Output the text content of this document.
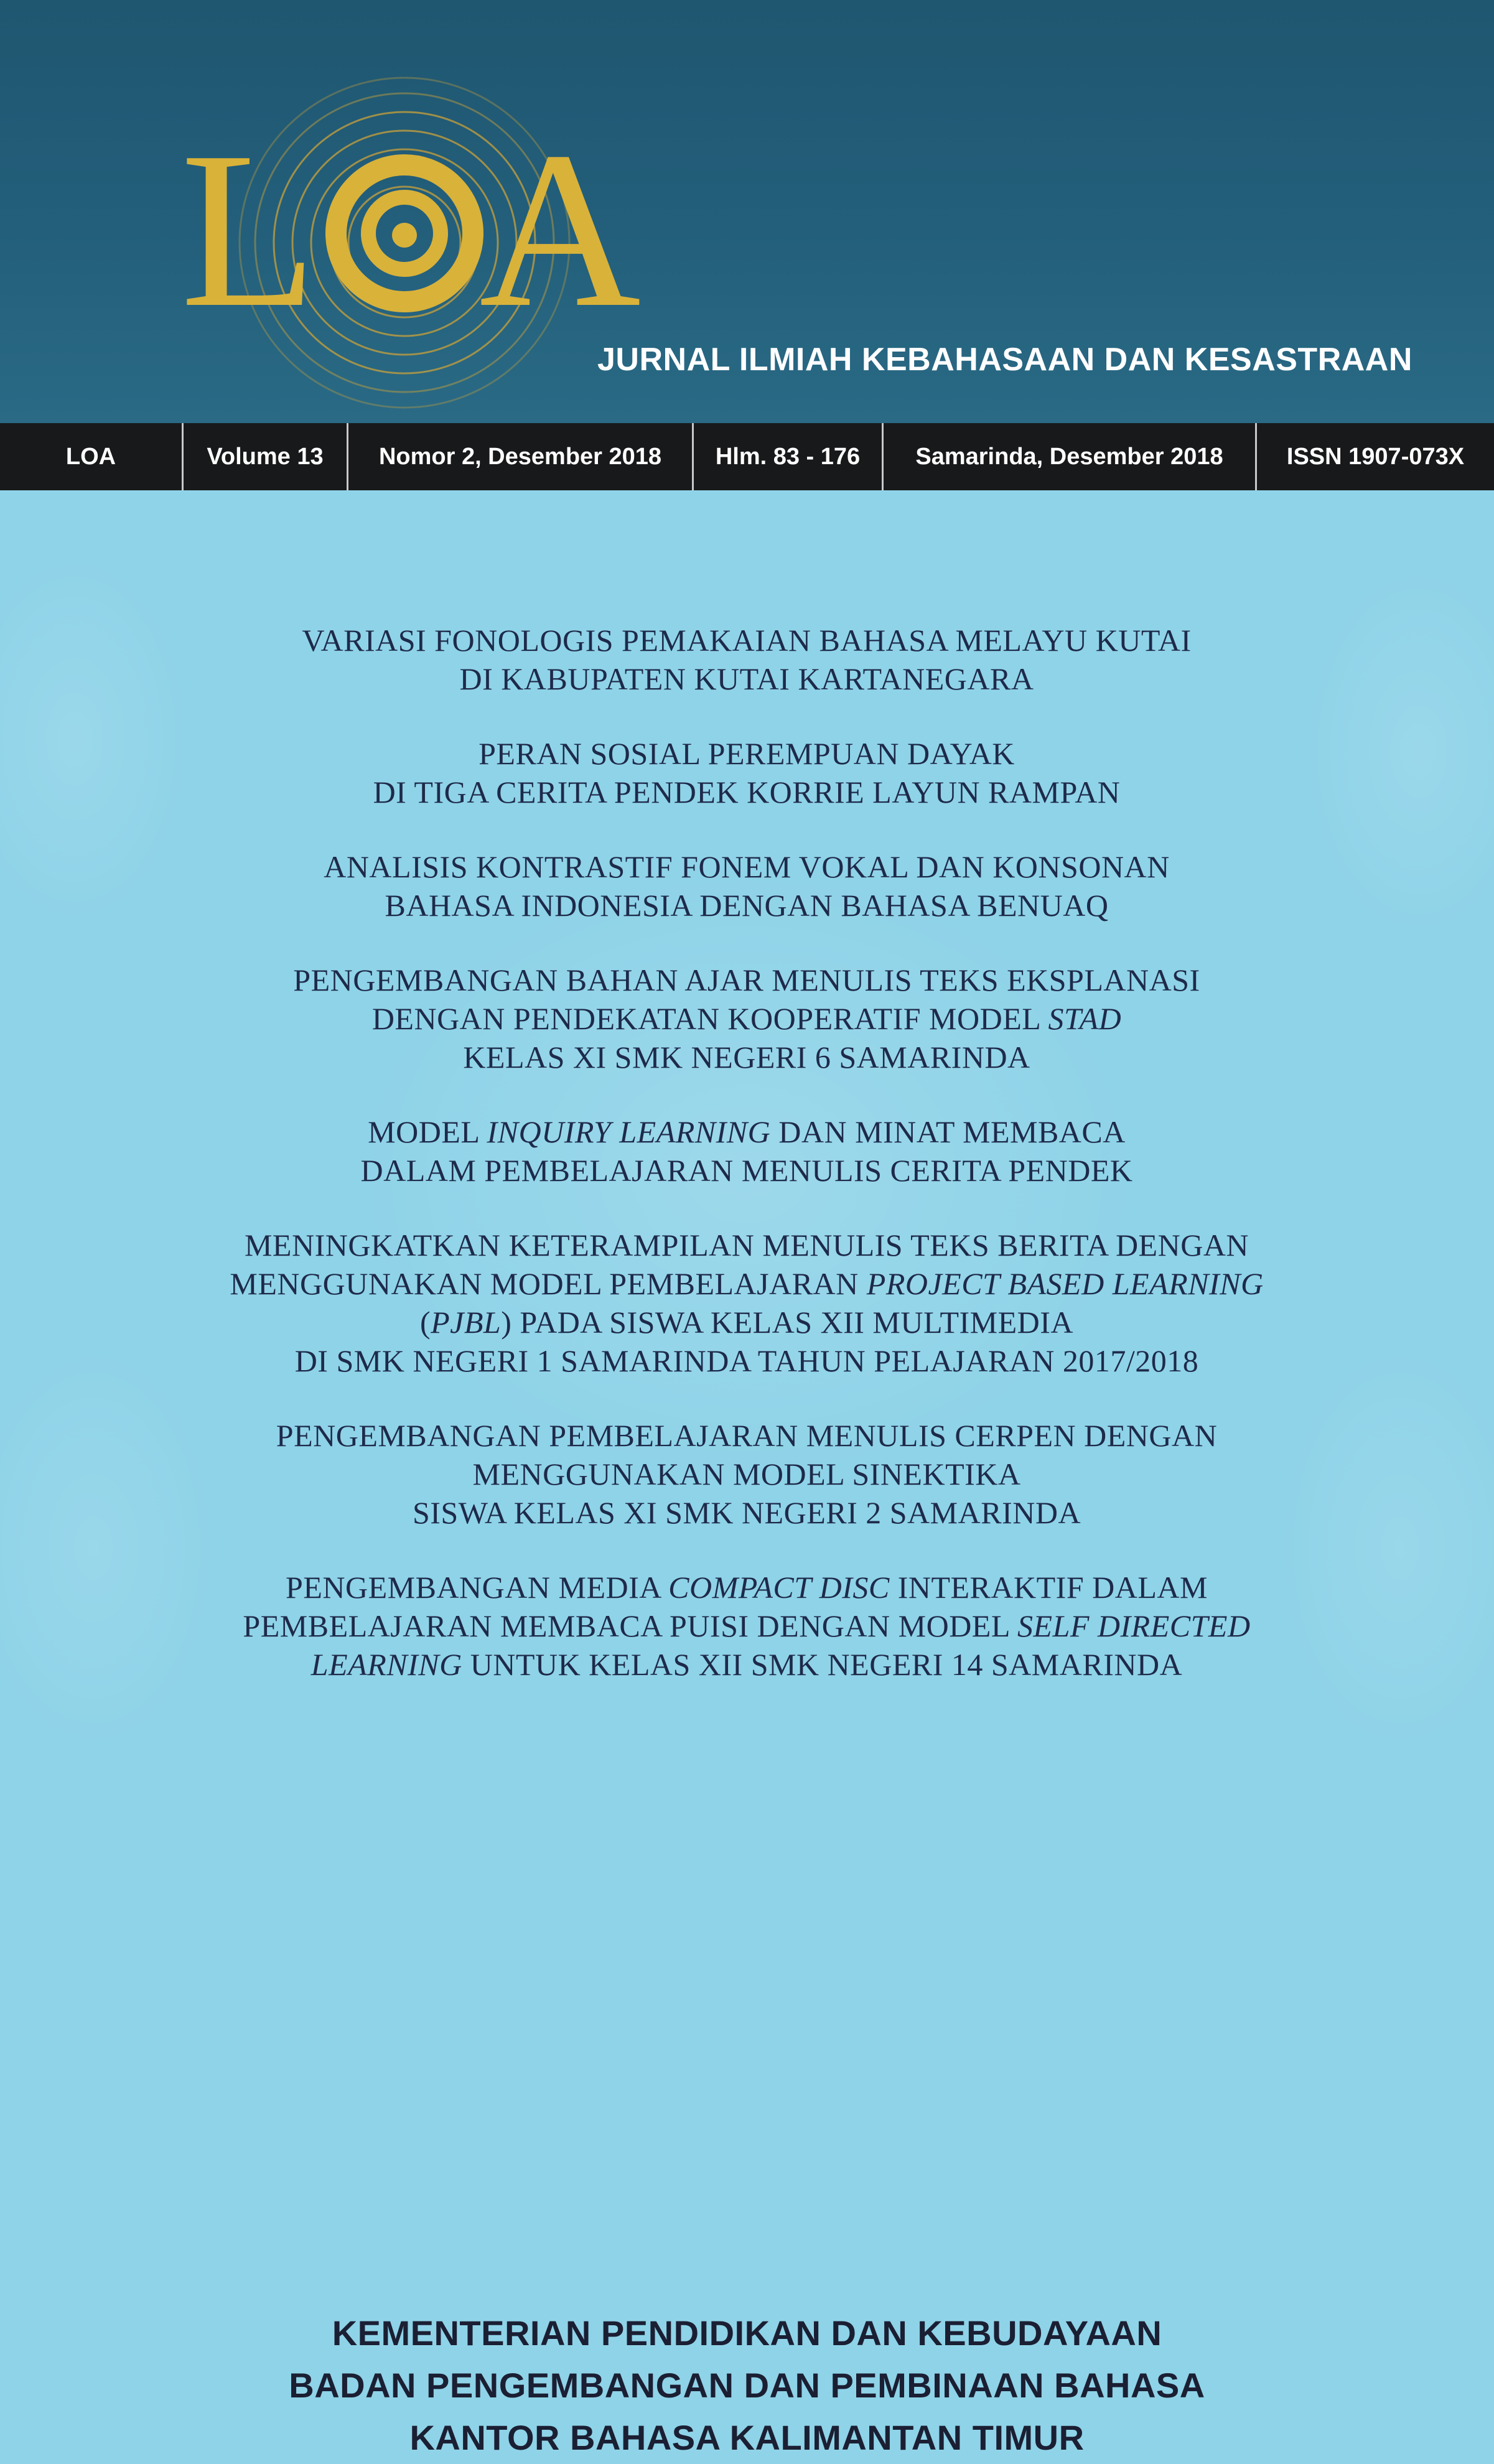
L A
JURNAL ILMIAH KEBAHASAAN DAN KESASTRAAN
LOA	Volume 13	Nomor 2, Desember 2018	Hlm. 83 - 176	Samarinda, Desember 2018	ISSN 1907-073X
VARIASI FONOLOGIS PEMAKAIAN BAHASA MELAYU KUTAI
DI KABUPATEN KUTAI KARTANEGARA
PERAN SOSIAL PEREMPUAN DAYAK
DI TIGA CERITA PENDEK KORRIE LAYUN RAMPAN
ANALISIS KONTRASTIF FONEM VOKAL DAN KONSONAN
BAHASA INDONESIA DENGAN BAHASA BENUAQ
PENGEMBANGAN BAHAN AJAR MENULIS TEKS EKSPLANASI
DENGAN PENDEKATAN KOOPERATIF MODEL STAD
KELAS XI SMK NEGERI 6 SAMARINDA
MODEL INQUIRY LEARNING DAN MINAT MEMBACA
DALAM PEMBELAJARAN MENULIS CERITA PENDEK
MENINGKATKAN KETERAMPILAN MENULIS TEKS BERITA DENGAN
MENGGUNAKAN MODEL PEMBELAJARAN PROJECT BASED LEARNING
(PJBL) PADA SISWA KELAS XII MULTIMEDIA
DI SMK NEGERI 1 SAMARINDA TAHUN PELAJARAN 2017/2018
PENGEMBANGAN PEMBELAJARAN MENULIS CERPEN DENGAN
MENGGUNAKAN MODEL SINEKTIKA
SISWA KELAS XI SMK NEGERI 2 SAMARINDA
PENGEMBANGAN MEDIA COMPACT DISC INTERAKTIF DALAM
PEMBELAJARAN MEMBACA PUISI DENGAN MODEL SELF DIRECTED
LEARNING UNTUK KELAS XII SMK NEGERI 14 SAMARINDA
KEMENTERIAN PENDIDIKAN DAN KEBUDAYAAN
BADAN PENGEMBANGAN DAN PEMBINAAN BAHASA
KANTOR BAHASA KALIMANTAN TIMUR
